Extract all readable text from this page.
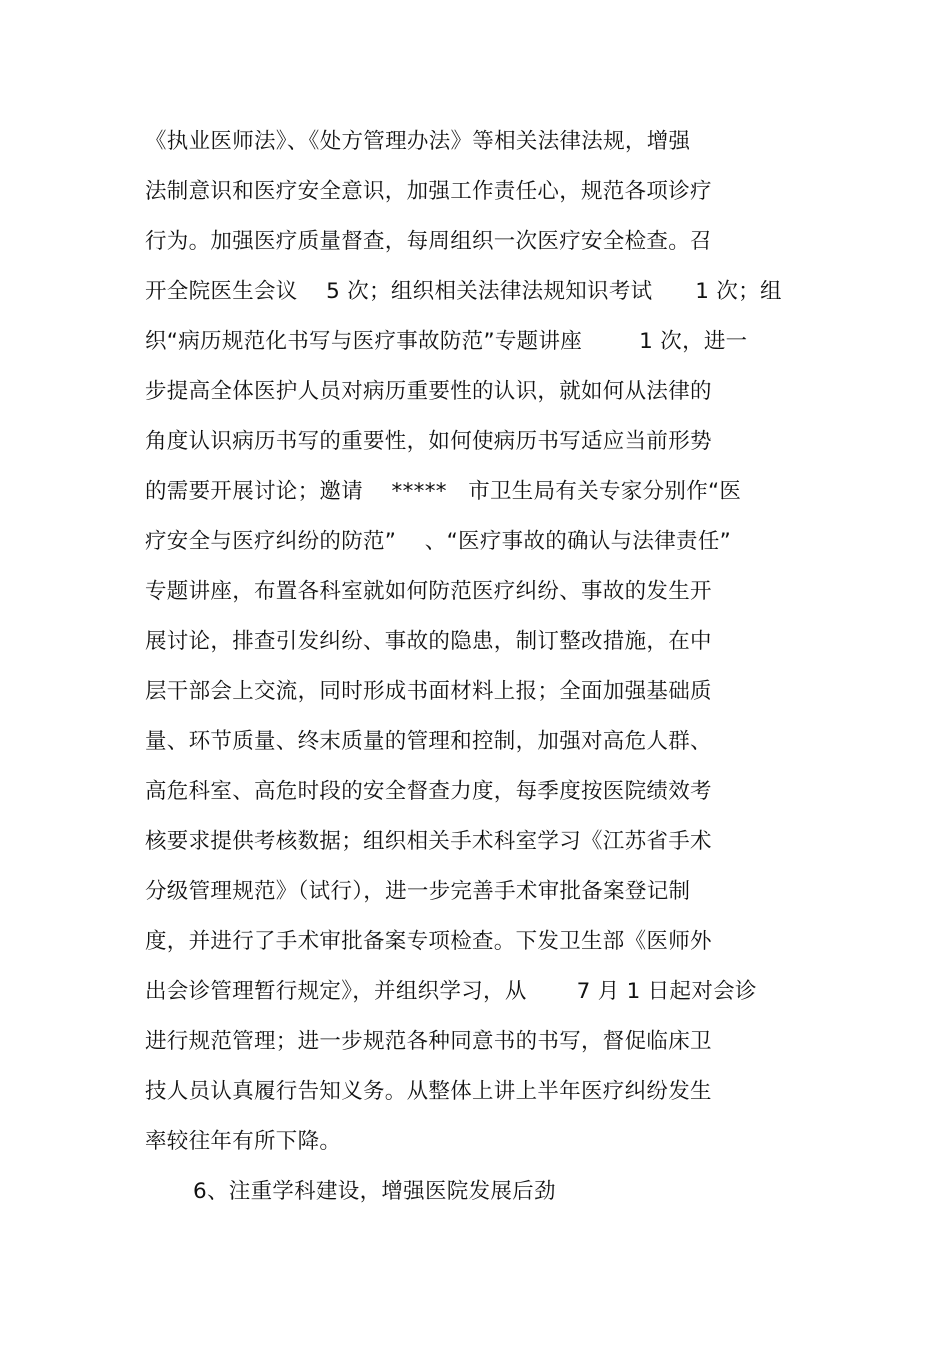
《执业医师法》、《处方管理办法》等相关法律法规，增强
法制意识和医疗安全意识，加强工作责任心，规范各项诊疗
行为。加强医疗质量督查，每周组织一次医疗安全检查。召
开全院医生会议    5 次；组织相关法律法规知识考试      1 次；组
织“病历规范化书写与医疗事故防范”专题讲座        1 次，进一
步提高全体医护人员对病历重要性的认识，就如何从法律的
角度认识病历书写的重要性，如何使病历书写适应当前形势
的需要开展讨论；邀请    *****   市卫生局有关专家分别作“医
疗安全与医疗纠纷的防范”    、“医疗事故的确认与法律责任”
专题讲座，布置各科室就如何防范医疗纠纷、事故的发生开
展讨论，排查引发纠纷、事故的隐患，制订整改措施，在中
层干部会上交流，同时形成书面材料上报；全面加强基础质
量、环节质量、终末质量的管理和控制，加强对高危人群、
高危科室、高危时段的安全督查力度，每季度按医院绩效考
核要求提供考核数据；组织相关手术科室学习《江苏省手术
分级管理规范》（试行），进一步完善手术审批备案登记制
度，并进行了手术审批备案专项检查。下发卫生部《医师外
出会诊管理暂行规定》，并组织学习，从       7 月 1 日起对会诊
进行规范管理；进一步规范各种同意书的书写，督促临床卫
技人员认真履行告知义务。从整体上讲上半年医疗纠纷发生
率较往年有所下降。
6、注重学科建设，增强医院发展后劲
